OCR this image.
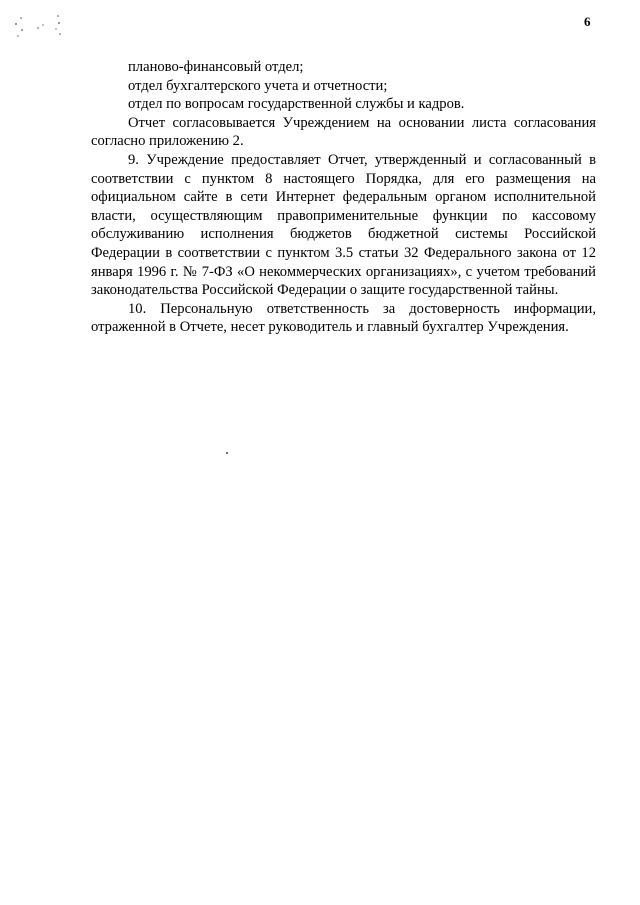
6

планово-финансовый отдел;

отдел бухгалтерского учета и отчетности;

отдел по вопросам государственной службы и кадров.

Отчет согласовывается Учреждением на основании листа согласования согласно приложению 2.

9. Учреждение предоставляет Отчет, утвержденный и согласованный в соответствии с пунктом 8 настоящего Порядка, для его размещения на официальном сайте в сети Интернет федеральным органом исполнительной власти, осуществляющим правоприменительные функции по кассовому обслуживанию исполнения бюджетов бюджетной системы Российской Федерации в соответствии с пунктом 3.5 статьи 32 Федерального закона от 12 января 1996 г. № 7-ФЗ «О некоммерческих организациях», с учетом требований законодательства Российской Федерации о защите государственной тайны.

10. Персональную ответственность за достоверность информации, отраженной в Отчете, несет руководитель и главный бухгалтер Учреждения.
